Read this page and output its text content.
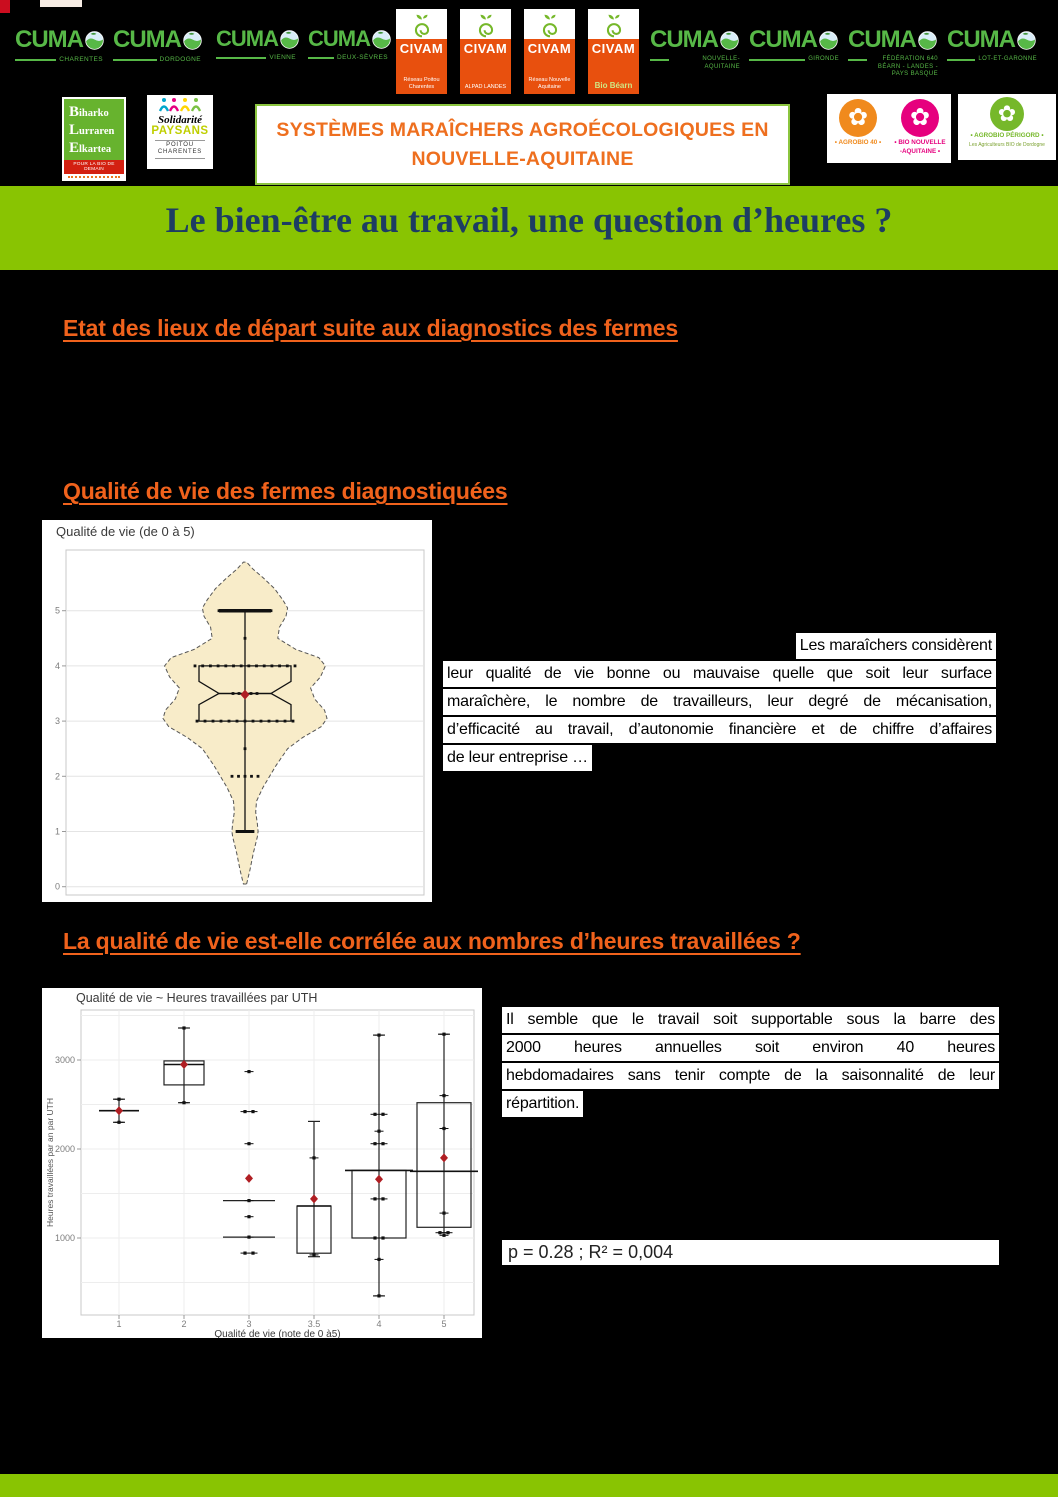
CUMA
CHARENTES
CUMA
DORDOGNE
CUMA
VIENNE
CUMA
DEUX-SÈVRES
CIVAM
Réseau Poitou Charentes
CIVAM
ALPAD LANDES
CIVAM
Réseau Nouvelle Aquitaine
CIVAM
Bio Béarn
CUMA
NOUVELLE-AQUITAINE
CUMA
GIRONDE
CUMA
FÉDÉRATION 640 BÉARN - LANDES - PAYS BASQUE
CUMA
LOT-ET-GARONNE
Biharko
Lurraren
Elkartea
POUR LA BIO DE DEMAIN
Solidarité
PAYSANS
POITOU
CHARENTES
SYSTÈMES MARAÎCHERS AGROÉCOLOGIQUES EN
NOUVELLE-AQUITAINE
✿
• AGROBIO 40 •
✿
• BIO NOUVELLE
-AQUITAINE •
✿
• AGROBIO PÉRIGORD •
Les Agriculteurs BIO de Dordogne
Le bien-être au travail, une question d’heures ?
Etat des lieux de départ suite aux diagnostics des fermes
Qualité de vie des fermes diagnostiquées
La qualité de vie est-elle corrélée aux nombres d’heures travaillées ?
0
1
2
3
4
5
Qualité de vie (de 0 à 5)
1000
2000
3000
1	2	3	3.5	4	5
Qualité de vie ~ Heures travaillées par UTH
Qualité de vie (note de 0 à5)
Heures travaillées par an par UTH
Les maraîchers considèrent
leur qualité de vie bonne ou mauvaise quelle que soit leur surface
maraîchère, le nombre de travailleurs, leur degré de mécanisation,
d’efficacité au travail, d’autonomie financière et de chiffre d’affaires
de leur entreprise …
Il semble que le travail soit supportable sous la barre des
2000 heures annuelles soit environ 40 heures
hebdomadaires sans tenir compte de la saisonnalité de leur
répartition.
p = 0.28 ; R² = 0,004
